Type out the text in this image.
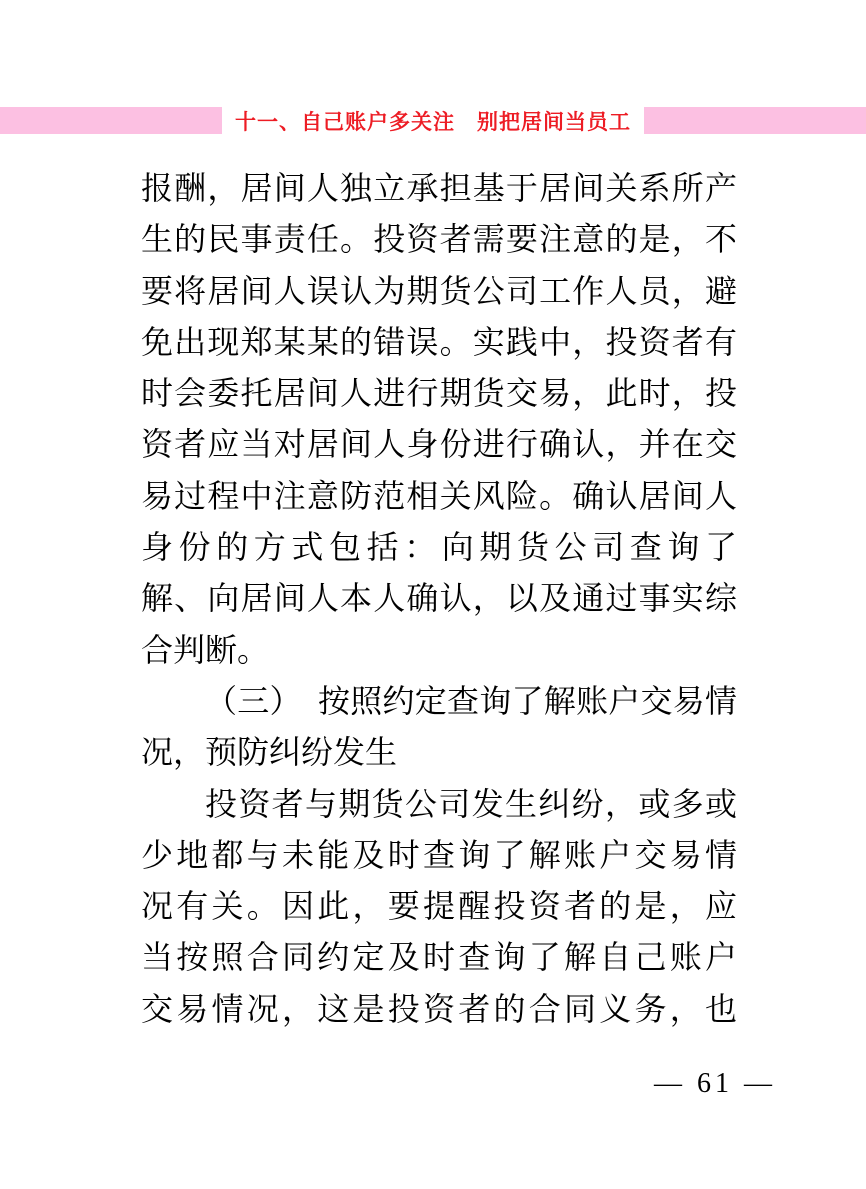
十一、自己账户多关注　别把居间当员工
报酬，居间人独立承担基于居间关系所产
生的民事责任。投资者需要注意的是，不
要将居间人误认为期货公司工作人员，避
免出现郑某某的错误。实践中，投资者有
时会委托居间人进行期货交易，此时，投
资者应当对居间人身份进行确认，并在交
易过程中注意防范相关风险。确认居间人
身份的方式包括：向期货公司查询了
解、向居间人本人确认，以及通过事实综
合判断。
（三）　按照约定查询了解账户交易情
况，预防纠纷发生
投资者与期货公司发生纠纷，或多或
少地都与未能及时查询了解账户交易情
况有关。因此，要提醒投资者的是，应
当按照合同约定及时查询了解自己账户
交易情况，这是投资者的合同义务，也
— 61 —
